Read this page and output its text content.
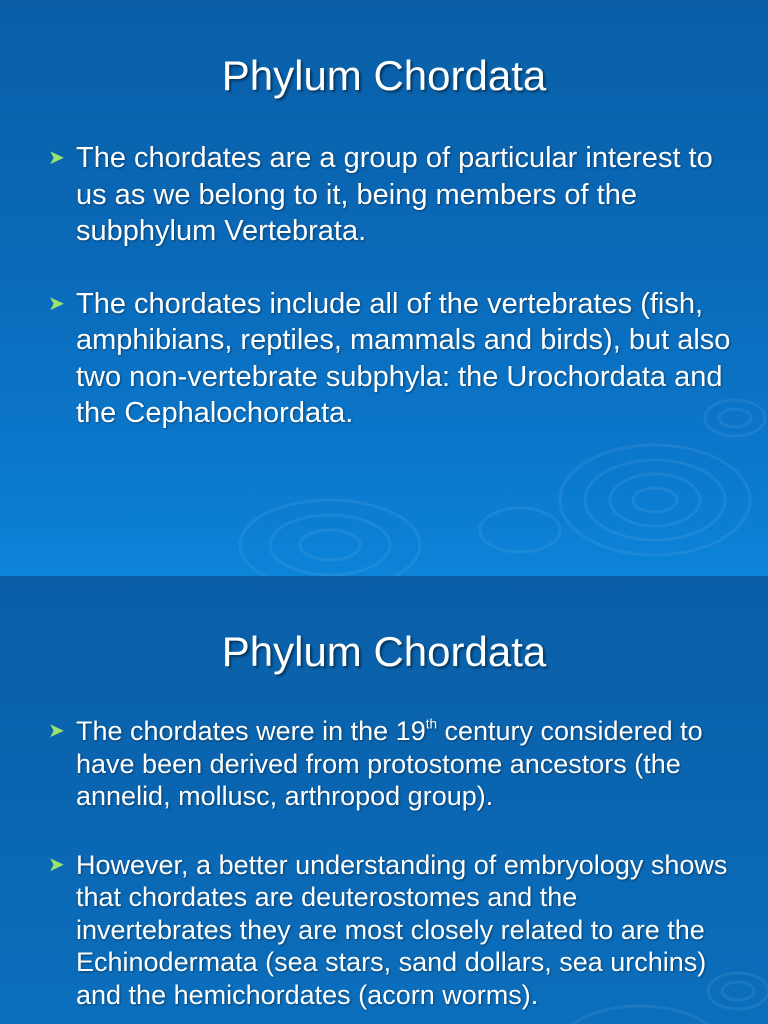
Phylum Chordata
➤ The chordates are a group of particular interest to us as we belong to it, being members of the subphylum Vertebrata.
➤ The chordates include all of the vertebrates (fish, amphibians, reptiles, mammals and birds), but also two non-vertebrate subphyla: the Urochordata and the Cephalochordata.
Phylum Chordata
➤ The chordates were in the 19th century considered to have been derived from protostome ancestors (the annelid, mollusc, arthropod group).
➤ However, a better understanding of embryology shows that chordates are deuterostomes and the invertebrates they are most closely related to are the Echinodermata (sea stars, sand dollars, sea urchins) and the hemichordates (acorn worms).
